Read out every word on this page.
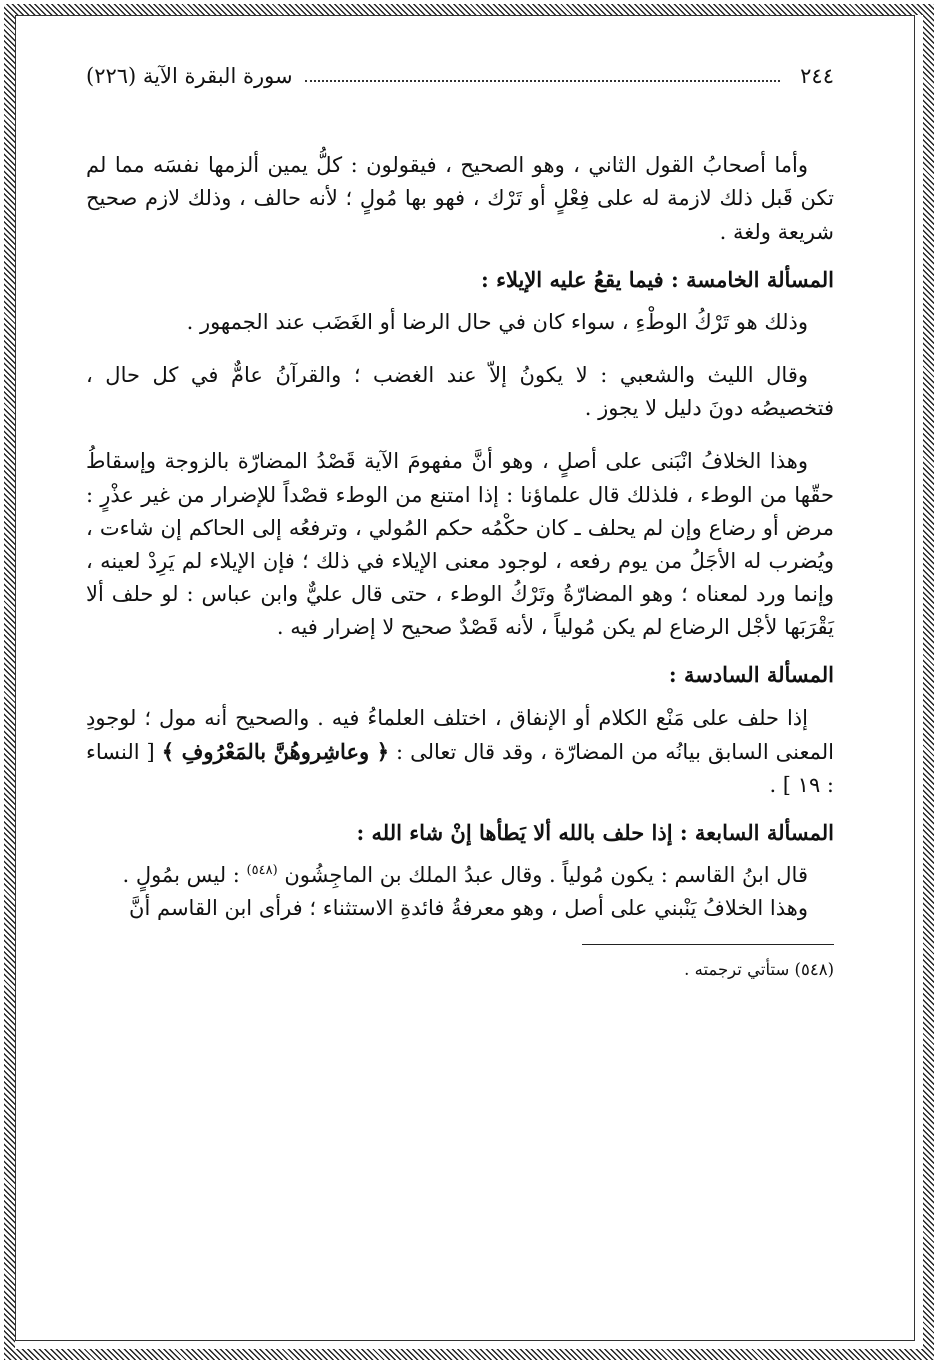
٢٤٤
سورة البقرة الآية (٢٢٦)

وأما أصحابُ القول الثاني ، وهو الصحيح ، فيقولون : كلُّ يمين ألزمها نفسَه مما لم تكن قَبل ذلك لازمة له على فِعْلٍ أو تَرْك ، فهو بها مُولٍ ؛ لأنه حالف ، وذلك لازم صحيح شريعة ولغة .

المسألة الخامسة : فيما يقعُ عليه الإيلاء :

وذلك هو تَرْكُ الوطْءِ ، سواء كان في حال الرضا أو الغَضَب عند الجمهور .

وقال الليث والشعبي : لا يكونُ إلاّ عند الغضب ؛ والقرآنُ عامٌّ في كل حال ، فتخصيصُه دونَ دليل لا يجوز .

وهذا الخلافُ انْبَنى على أصلٍ ، وهو أنَّ مفهومَ الآية قَصْدُ المضارّة بالزوجة وإسقاطُ حقّها من الوطء ، فلذلك قال علماؤنا : إذا امتنع من الوطء قصْداً للإضرار من غير عذْرٍ : مرض أو رضاع وإن لم يحلف ـ كان حكْمُه حكم المُولي ، وترفعُه إلى الحاكم إن شاءت ، ويُضرب له الأجَلُ من يوم رفعه ، لوجود معنى الإيلاء في ذلك ؛ فإن الإيلاء لم يَرِدْ لعينه ، وإنما ورد لمعناه ؛ وهو المضارّةُ وتَرْكُ الوطء ، حتى قال عليٌّ وابن عباس : لو حلف ألا يَقْرَبَها لأجْل الرضاع لم يكن مُولياً ، لأنه قَصْدٌ صحيح لا إضرار فيه .

المسألة السادسة :

إذا حلف على مَنْع الكلام أو الإنفاق ، اختلف العلماءُ فيه . والصحيح أنه مول ؛ لوجودِ المعنى السابق بيانُه من المضارّة ، وقد قال تعالى : ﴿ وعاشِروهُنَّ بالمَعْرُوفِ ﴾ [ النساء : ١٩ ] .

المسألة السابعة : إذا حلف بالله ألا يَطأها إنْ شاء الله :

قال ابنُ القاسم : يكون مُولياً . وقال عبدُ الملك بن الماجِشُون $^{(٥٤٨)}$ : ليس بمُولٍ .

وهذا الخلافُ يَنْبني على أصل ، وهو معرفةُ فائدةِ الاستثناء ؛ فرأى ابن القاسم أنَّ

(٥٤٨) ستأتي ترجمته .
